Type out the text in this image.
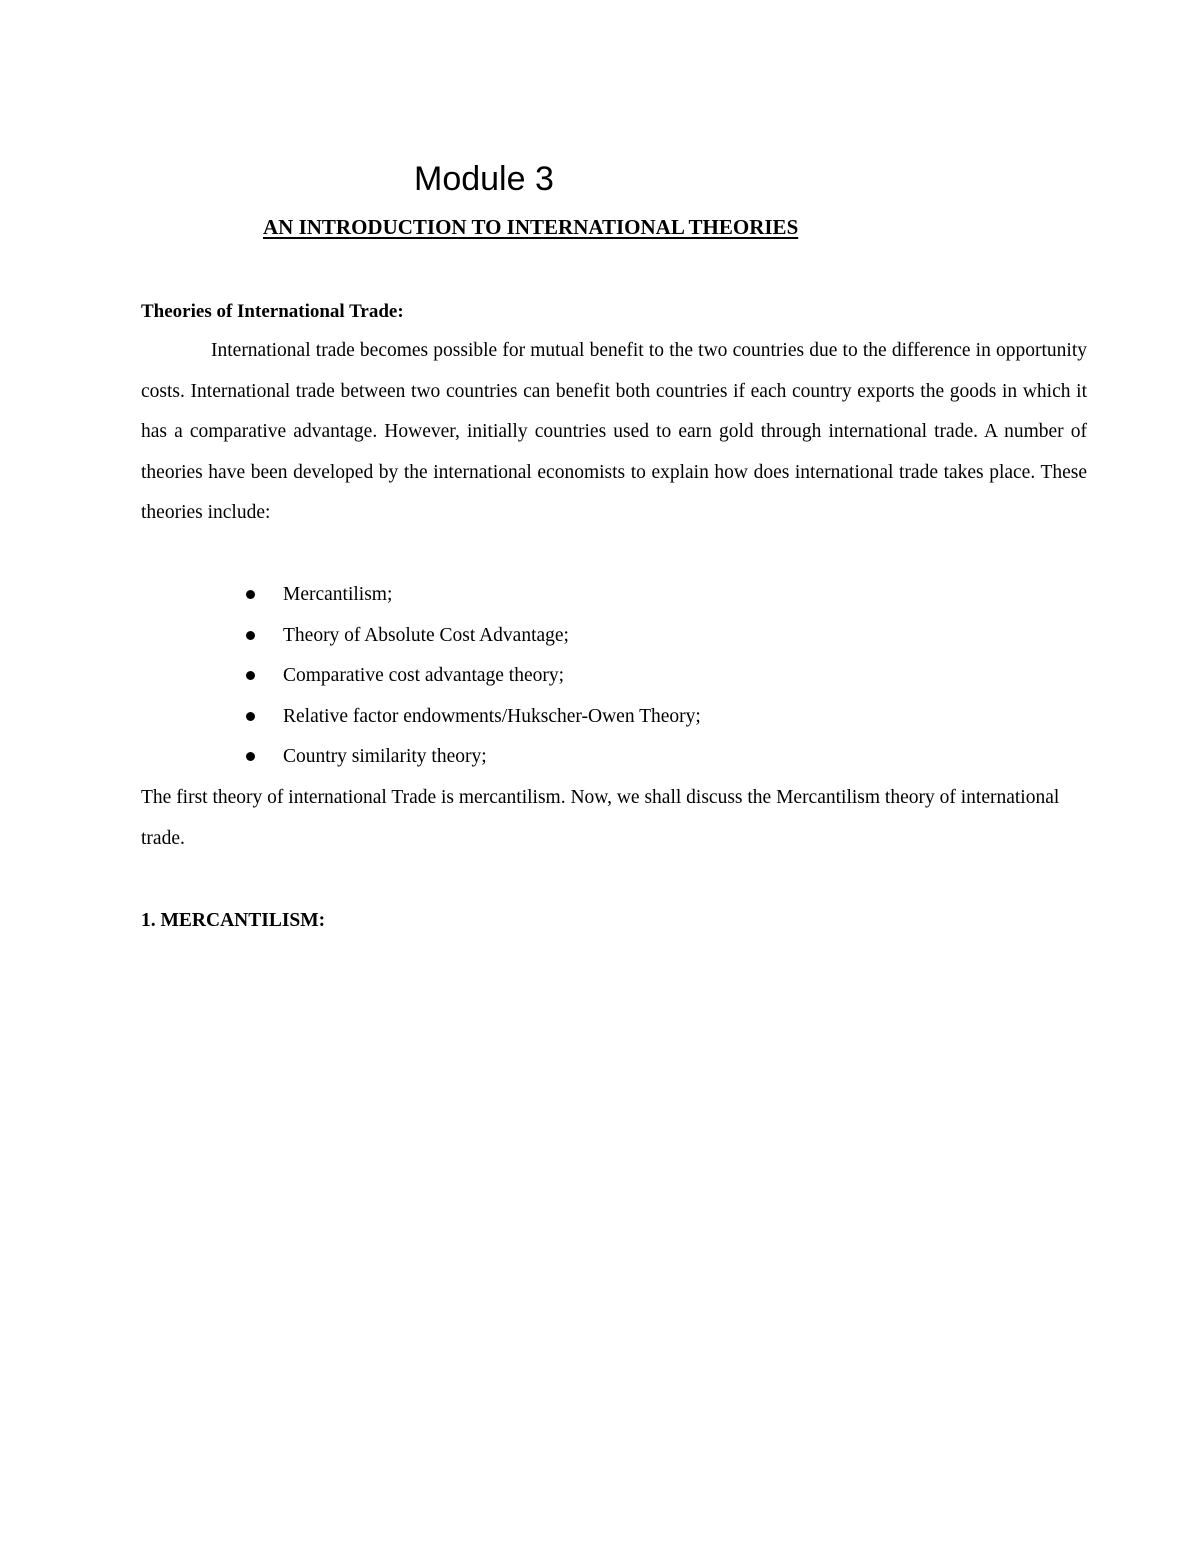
Module 3
AN INTRODUCTION TO INTERNATIONAL THEORIES
Theories of International Trade:

International trade becomes possible for mutual benefit to the two countries due to the difference in opportunity costs. International trade between two countries can benefit both countries if each country exports the goods in which it has a comparative advantage. However, initially countries used to earn gold through international trade. A number of theories have been developed by the international economists to explain how does international trade takes place. These theories include:

Mercantilism;
Theory of Absolute Cost Advantage;
Comparative cost advantage theory;
Relative factor endowments/Hukscher-Owen Theory;
Country similarity theory;

The first theory of international Trade is mercantilism. Now, we shall discuss the Mercantilism theory of international trade.

1. MERCANTILISM:
